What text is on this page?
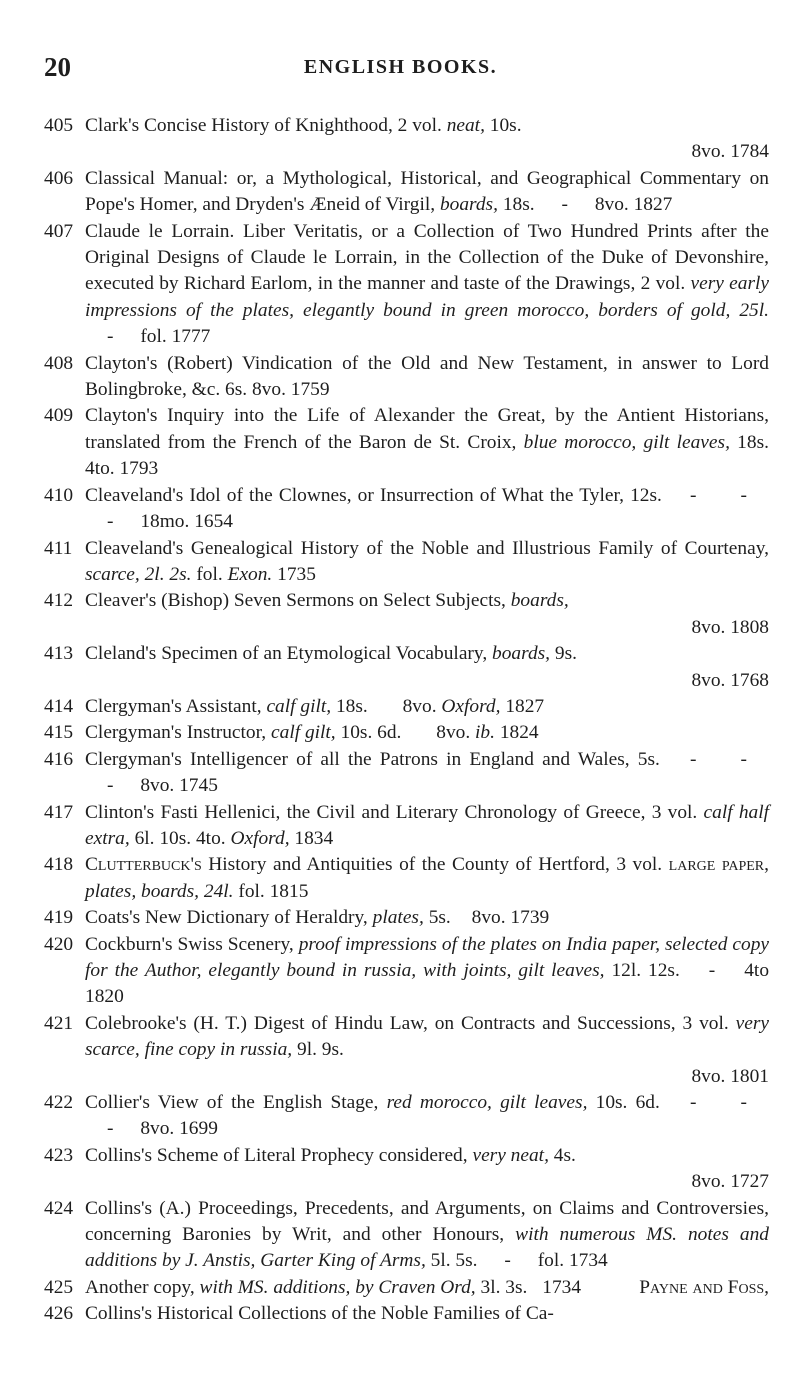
20	ENGLISH BOOKS.
405 Clark's Concise History of Knighthood, 2 vol. neat, 10s.
8vo. 1784
406 Classical Manual: or, a Mythological, Historical, and Geographical Commentary on Pope's Homer, and Dryden's Æneid of Virgil, boards, 18s. - 8vo. 1827
407 Claude le Lorrain. Liber Veritatis, or a Collection of Two Hundred Prints after the Original Designs of Claude le Lorrain, in the Collection of the Duke of Devonshire, executed by Richard Earlom, in the manner and taste of the Drawings, 2 vol. very early impressions of the plates, elegantly bound in green morocco, borders of gold, 25l. - fol. 1777
408 Clayton's (Robert) Vindication of the Old and New Testament, in answer to Lord Bolingbroke, &c. 6s. 8vo. 1759
409 Clayton's Inquiry into the Life of Alexander the Great, by the Antient Historians, translated from the French of the Baron de St. Croix, blue morocco, gilt leaves, 18s. 4to. 1793
410 Cleaveland's Idol of the Clownes, or Insurrection of What the Tyler, 12s. - -- 18mo. 1654
411 Cleaveland's Genealogical History of the Noble and Illustrious Family of Courtenay, scarce, 2l. 2s. fol. Exon. 1735
412 Cleaver's (Bishop) Seven Sermons on Select Subjects, boards,
8vo. 1808
413 Cleland's Specimen of an Etymological Vocabulary, boards, 9s.
8vo. 1768
414 Clergyman's Assistant, calf gilt, 18s. 8vo. Oxford, 1827
415 Clergyman's Instructor, calf gilt, 10s. 6d. 8vo. ib. 1824
416 Clergyman's Intelligencer of all the Patrons in England and Wales, 5s. - -- 8vo. 1745
417 Clinton's Fasti Hellenici, the Civil and Literary Chronology of Greece, 3 vol. calf half extra, 6l. 10s. 4to. Oxford, 1834
418 Clutterbuck's History and Antiquities of the County of Hertford, 3 vol. large paper, plates, boards, 24l. fol. 1815
419 Coats's New Dictionary of Heraldry, plates, 5s. 8vo. 1739
420 Cockburn's Swiss Scenery, proof impressions of the plates on India paper, selected copy for the Author, elegantly bound in russia, with joints, gilt leaves, 12l. 12s. - 4to 1820
421 Colebrooke's (H. T.) Digest of Hindu Law, on Contracts and Successions, 3 vol. very scarce, fine copy in russia, 9l. 9s.
8vo. 1801
422 Collier's View of the English Stage, red morocco, gilt leaves, 10s. 6d. - -- 8vo. 1699
423 Collins's Scheme of Literal Prophecy considered, very neat, 4s.
8vo. 1727
424 Collins's (A.) Proceedings, Precedents, and Arguments, on Claims and Controversies, concerning Baronies by Writ, and other Honours, with numerous MS. notes and additions by J. Anstis, Garter King of Arms, 5l. 5s. - fol. 1734
425 Another copy, with MS. additions, by Craven Ord, 3l. 3s. 1734
426 Collins's Historical Collections of the Noble Families of Ca-
Payne and Foss,
